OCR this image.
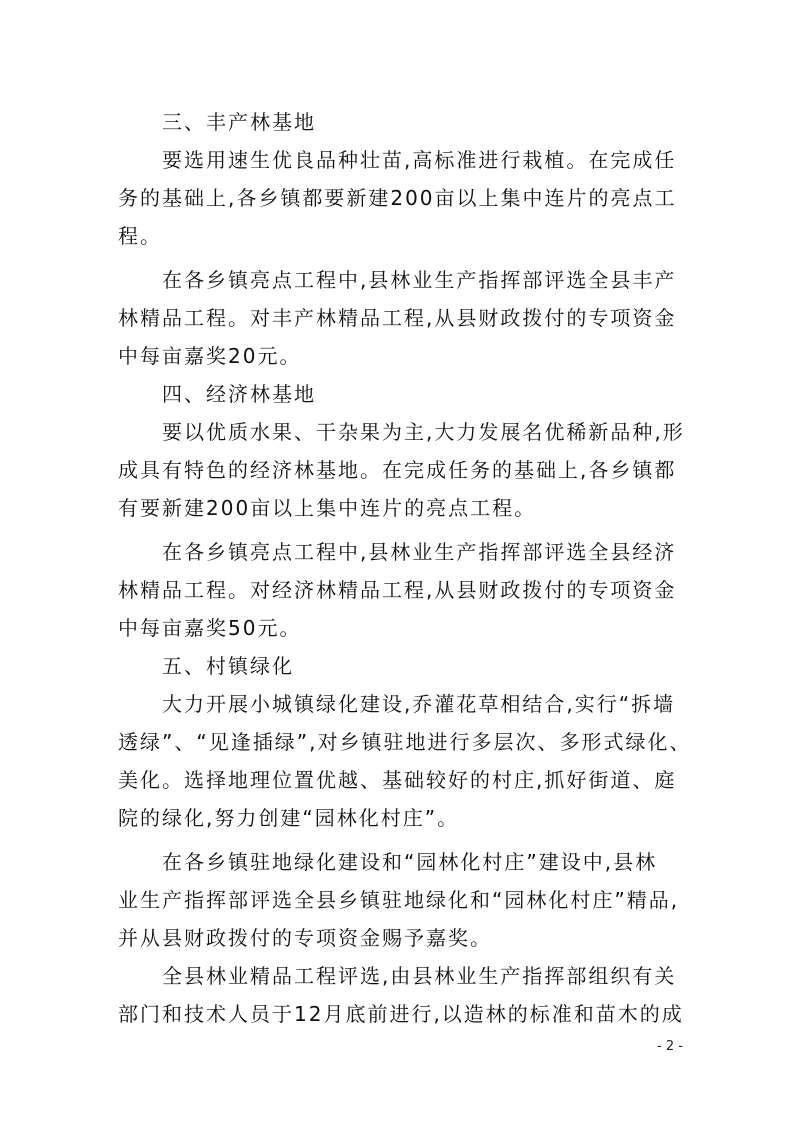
三、丰产林基地
要选用速生优良品种壮苗,高标准进行栽植。在完成任
务的基础上,各乡镇都要新建200亩以上集中连片的亮点工
程。
在各乡镇亮点工程中,县林业生产指挥部评选全县丰产
林精品工程。对丰产林精品工程,从县财政拨付的专项资金
中每亩嘉奖20元。
四、经济林基地
要以优质水果、干杂果为主,大力发展名优稀新品种,形
成具有特色的经济林基地。在完成任务的基础上,各乡镇都
有要新建200亩以上集中连片的亮点工程。
在各乡镇亮点工程中,县林业生产指挥部评选全县经济
林精品工程。对经济林精品工程,从县财政拨付的专项资金
中每亩嘉奖50元。
五、村镇绿化
大力开展小城镇绿化建设,乔灌花草相结合,实行“拆墙
透绿”、“见逢插绿”,对乡镇驻地进行多层次、多形式绿化、
美化。选择地理位置优越、基础较好的村庄,抓好街道、庭
院的绿化,努力创建“园林化村庄”。
在各乡镇驻地绿化建设和“园林化村庄”建设中,县林
业生产指挥部评选全县乡镇驻地绿化和“园林化村庄”精品,
并从县财政拨付的专项资金赐予嘉奖。
全县林业精品工程评选,由县林业生产指挥部组织有关
部门和技术人员于12月底前进行,以造林的标准和苗木的成
- 2 -
